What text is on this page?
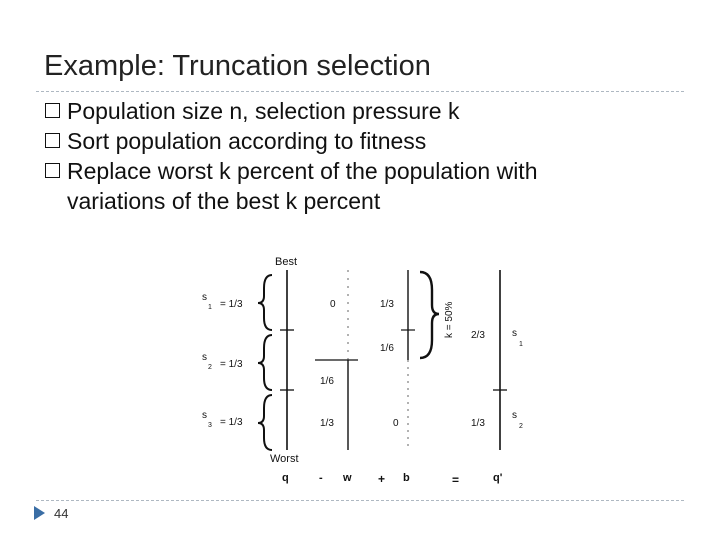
Example: Truncation selection
Population size n, selection pressure k
Sort population according to fitness
Replace worst k percent of the population with
variations of the best k percent
Best
Worst
s
1 = 1/3
s
2 = 1/3
s
3 = 1/3
0
1/6
1/3
1/3
1/6
0
k = 50% 2/3
1/3
s
1
s
2
q	- w + b	=	q'
44
